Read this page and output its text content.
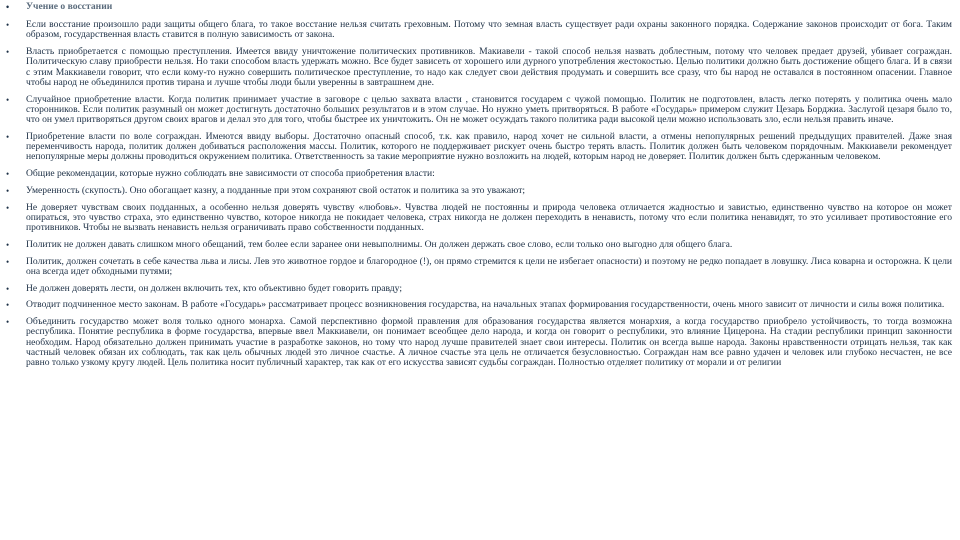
• Учение о восстании
• Если восстание произошло ради защиты общего блага, то такое восстание нельзя считать греховным. Потому что земная власть существует ради охраны законного порядка. Содержание законов происходит от бога. Таким образом, государственная власть ставится в полную зависимость от закона.
• Власть приобретается с помощью преступления. Имеется ввиду уничтожение политических противников. Макиавели - такой способ нельзя назвать доблестным, потому что человек предает друзей, убивает сограждан. Политическую славу приобрести нельзя. Но таки способом власть удержать можно. Все будет зависеть от хорошего или дурного употребления жестокостью. Целью политики должно быть достижение общего блага. И в связи с этим Маккиавели говорит, что если кому-то нужно совершить политическое преступление, то надо как следует свои действия продумать и совершить все сразу, что бы народ не оставался в постоянном опасении. Главное чтобы народ не объединился против тирана и лучше чтобы люди были уверенны в завтрашнем дне.
• Случайное приобретение власти. Когда политик принимает участие в заговоре с целью захвата власти , становится государем с чужой помощью. Политик не подготовлен, власть легко потерять у политика очень мало сторонников. Если политик разумный он может достигнуть достаточно больших результатов и в этом случае. Но нужно уметь притворяться. В работе «Государь» примером служит Цезарь Борджиа. Заслугой цезаря было то, что он умел притворяться другом своих врагов и делал это для того, чтобы быстрее их уничтожить. Он не может осуждать такого политика ради высокой цели можно использовать зло, если нельзя править иначе.
• Приобретение власти по воле сограждан. Имеются ввиду выборы. Достаточно опасный способ, т.к. как правило, народ хочет не сильной власти, а отмены непопулярных решений предыдущих правителей. Даже зная переменчивость народа, политик должен добиваться расположения массы. Политик, которого не поддерживает рискует очень быстро терять власть. Политик должен быть человеком порядочным. Маккиавели рекомендует непопулярные меры должны проводиться окружением политика. Ответственность за такие мероприятие нужно возложить на людей, которым народ не доверяет. Политик должен быть сдержанным человеком.
• Общие рекомендации, которые нужно соблюдать вне зависимости от способа приобретения власти:
• Умеренность (скупость). Оно обогащает казну, а подданные при этом сохраняют свой остаток и политика за это уважают;
• Не доверяет чувствам своих подданных, а особенно нельзя доверять чувству «любовь». Чувства людей не постоянны и природа человека отличается жадностью и завистью, единственно чувство на которое он может опираться, это чувство страха, это единственно чувство, которое никогда не покидает человека, страх никогда не должен переходить в ненависть, потому что если политика ненавидят, то это усиливает противостояние его противников. Чтобы не вызвать ненависть нельзя ограничивать право собственности подданных.
• Политик не должен давать слишком много обещаний, тем более если заранее они невыполнимы. Он должен держать свое слово, если только оно выгодно для общего блага.
• Политик, должен сочетать в себе качества льва и лисы. Лев это животное гордое и благородное (!), он прямо стремится к цели не избегает опасности) и поэтому не редко попадает в ловушку. Лиса коварна и осторожна. К цели она всегда идет обходными путями;
• Не должен доверять лести, он должен включить тех, кто объективно будет говорить правду;
• Отводит подчиненное место законам. В работе «Государь» рассматривает процесс возникновения государства, на начальных этапах формирования государственности, очень много зависит от личности и силы вожя политика.
• Объединить государство может воля только одного монарха. Самой перспективно формой правления для образования государства является монархия, а когда государство приобрело устойчивость, то тогда возможна республика. Понятие республика в форме государства, впервые ввел Маккиавели, он понимает всеобщее дело народа, и когда он говорит о республики, это влияние Цицерона. На стадии республики принцип законности необходим. Народ обязательно должен принимать участие в разработке законов, но тому что народ лучше правителей знает свои интересы. Политик он всегда выше народа. Законы нравственности отрицать нельзя, так как частный человек обязан их соблюдать, так как цель обычных людей это личное счастье. А личное счастье эта цель не отличается безусловностью. Сограждан нам все равно удачен и человек или глубоко несчастен, не все равно только узкому кругу людей. Цель политика носит публичный характер, так как от его искусства зависят судьбы сограждан. Полностью отделяет политику от морали и от религии
